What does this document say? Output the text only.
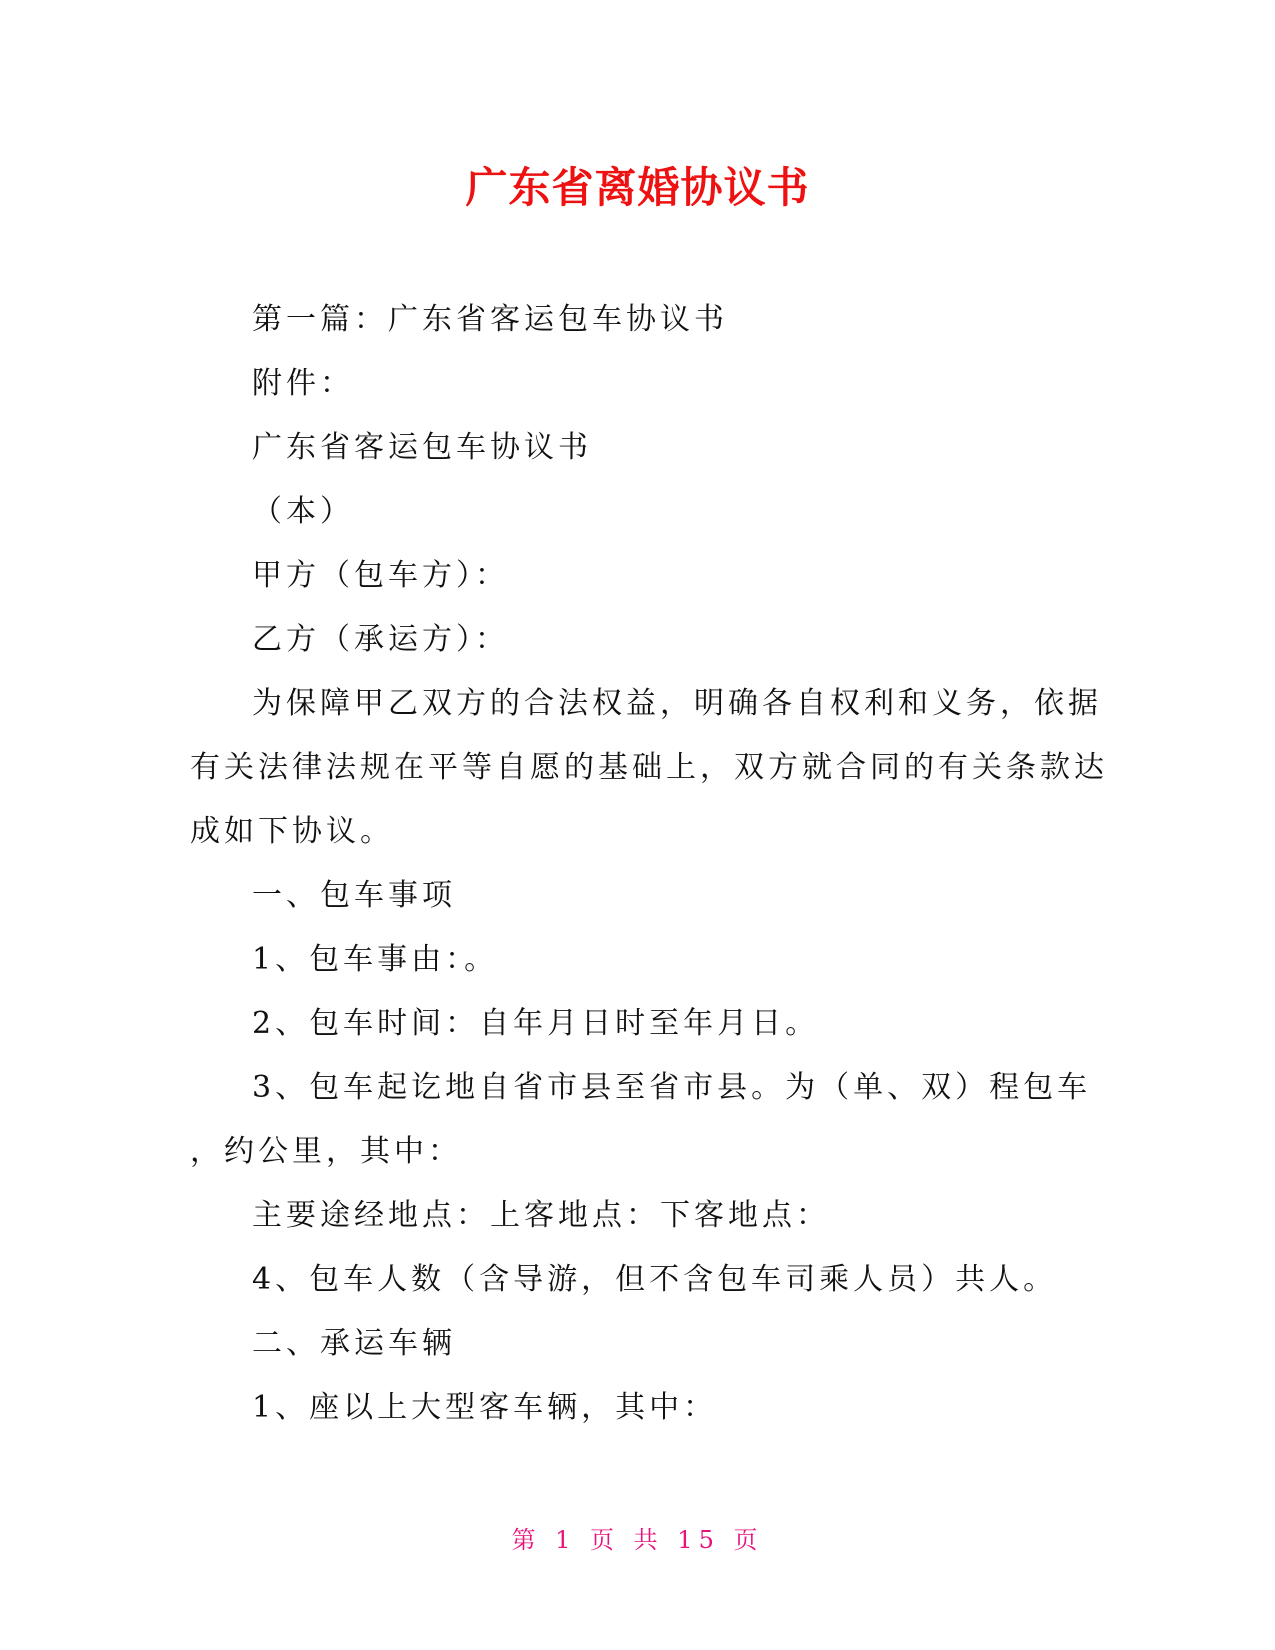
广东省离婚协议书

第一篇：广东省客运包车协议书

附件：

广东省客运包车协议书

（本）

甲方（包车方）：

乙方（承运方）：

为保障甲乙双方的合法权益，明确各自权利和义务，依据

有关法律法规在平等自愿的基础上，双方就合同的有关条款达

成如下协议。

一、包车事项

1、包车事由：。

2、包车时间：自年月日时至年月日。

3、包车起讫地自省市县至省市县。为（单、双）程包车

，约公里，其中：

主要途经地点：上客地点：下客地点：

4、包车人数（含导游，但不含包车司乘人员）共人。

二、承运车辆

1、座以上大型客车辆，其中：

第 1 页 共 15 页
